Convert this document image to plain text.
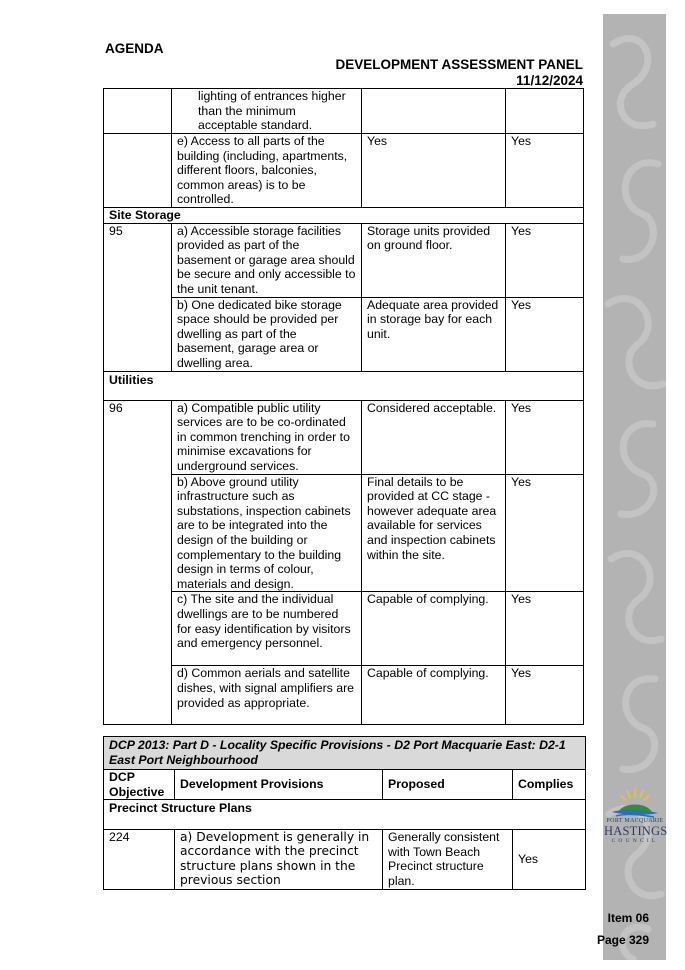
AGENDA
DEVELOPMENT ASSESSMENT PANEL
11/12/2024
	lighting of entrances higher than the minimum acceptable standard.		
	e) Access to all parts of the building (including, apartments, different floors, balconies, common areas) is to be controlled.	Yes	Yes
Site Storage			
95	a) Accessible storage facilities provided as part of the basement or garage area should be secure and only accessible to the unit tenant.	Storage units provided on ground floor.	Yes
	b) One dedicated bike storage space should be provided per dwelling as part of the basement, garage area or dwelling area.	Adequate area provided in storage bay for each unit.	Yes
Utilities			
96	a) Compatible public utility services are to be co-ordinated in common trenching in order to minimise excavations for underground services.	Considered acceptable.	Yes
	b) Above ground utility infrastructure such as substations, inspection cabinets are to be integrated into the design of the building or complementary to the building design in terms of colour, materials and design.	Final details to be provided at CC stage - however adequate area available for services and inspection cabinets within the site.	Yes
	c) The site and the individual dwellings are to be numbered for easy identification by visitors and emergency personnel.	Capable of complying.	Yes
	d) Common aerials and satellite dishes, with signal amplifiers are provided as appropriate.	Capable of complying.	Yes
DCP 2013: Part D - Locality Specific Provisions - D2 Port Macquarie East: D2-1 East Port Neighbourhood			
DCP Objective	Development Provisions	Proposed	Complies
Precinct Structure Plans			
224	a) Development is generally in accordance with the precinct structure plans shown in the previous section	Generally consistent with Town Beach Precinct structure plan.	Yes
PORT MACQUARIE
HASTINGS
COUNCIL
Item 06
Page 329
